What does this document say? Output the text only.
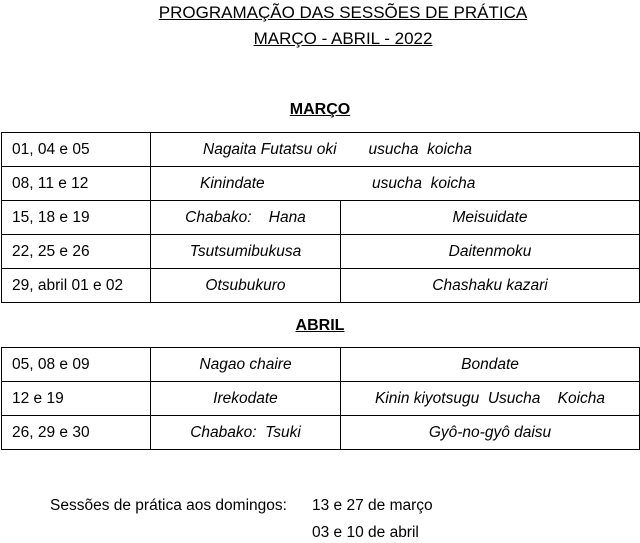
PROGRAMAÇÃO DAS SESSÕES DE PRÁTICA
MARÇO - ABRIL - 2022
MARÇO
01, 04 e 05	Nagaita Futatsu oki usucha  koicha	
08, 11 e 12	Kinindate usucha  koicha	
15, 18 e 19	Chabako:    Hana	Meisuidate
22, 25 e 26	Tsutsumibukusa	Daitenmoku
29, abril 01 e 02	Otsubukuro	Chashaku kazari
ABRIL
05, 08 e 09	Nagao chaire	Bondate
12 e 19	Irekodate	Kinin kiyotsugu  Usucha    Koicha
26, 29 e 30	Chabako:  Tsuki	Gyô-no-gyô daisu
Sessões de prática aos domingos: 13 e 27 de março
03 e 10 de abril
